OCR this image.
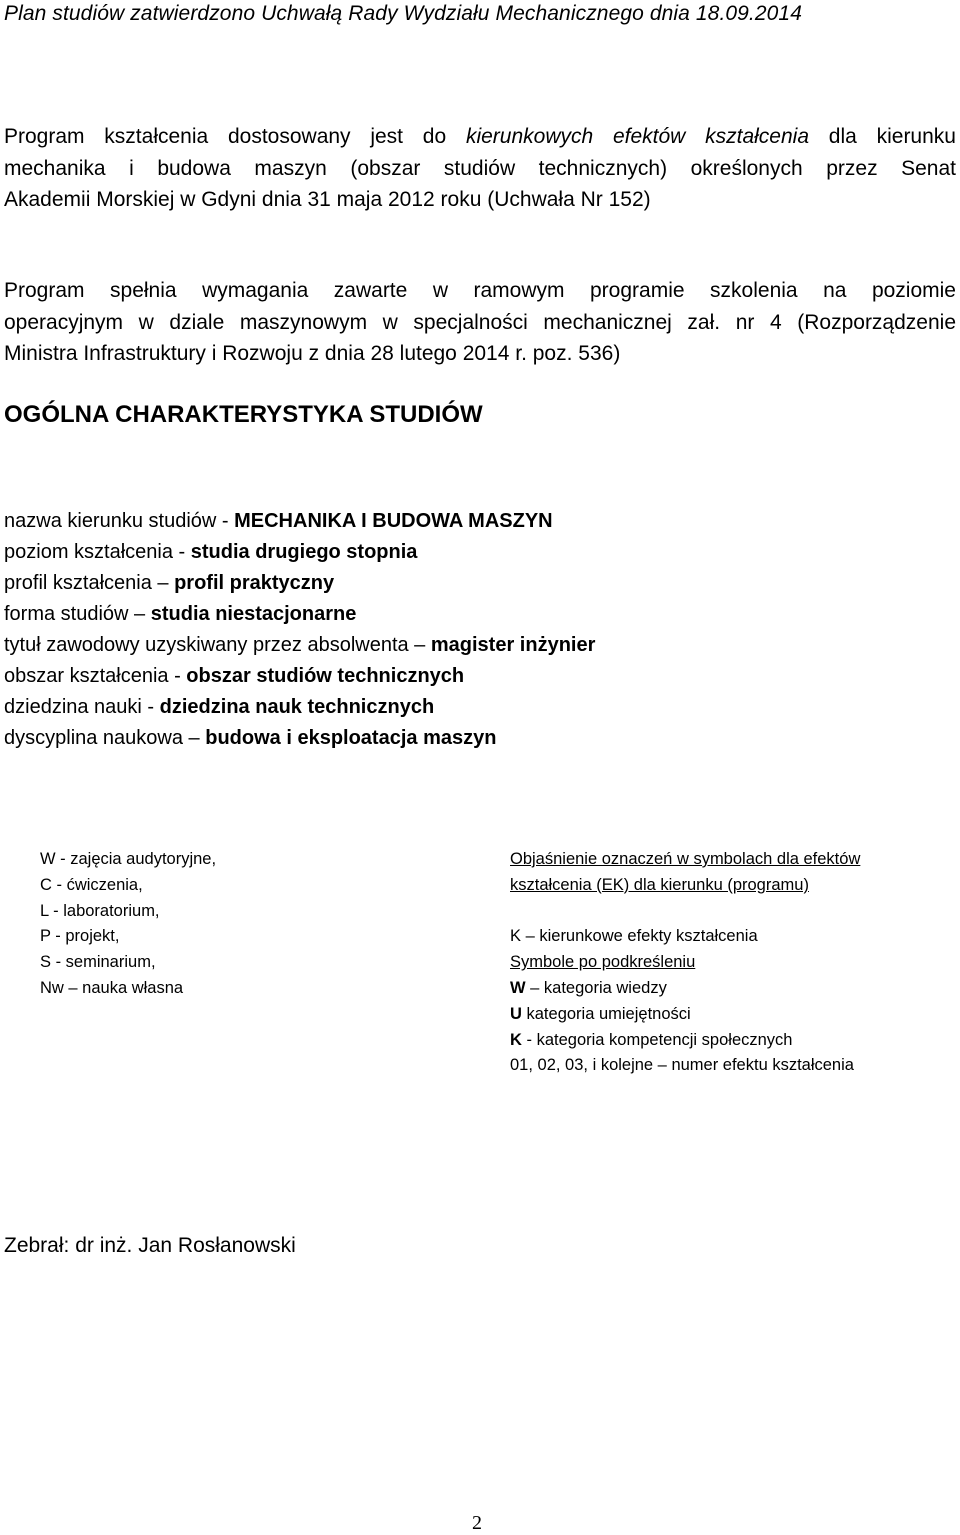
Plan studiów zatwierdzono Uchwałą Rady Wydziału Mechanicznego dnia 18.09.2014
Program kształcenia dostosowany jest do kierunkowych efektów kształcenia dla kierunku
mechanika i budowa maszyn (obszar studiów technicznych) określonych przez Senat
Akademii Morskiej w Gdyni dnia 31 maja 2012 roku (Uchwała Nr 152)
Program spełnia wymagania zawarte w ramowym programie szkolenia na poziomie
operacyjnym w dziale maszynowym w specjalności mechanicznej zał. nr 4 (Rozporządzenie
Ministra Infrastruktury i Rozwoju z dnia 28 lutego 2014 r. poz. 536)
OGÓLNA CHARAKTERYSTYKA STUDIÓW
nazwa kierunku studiów - MECHANIKA I BUDOWA MASZYN
poziom kształcenia - studia drugiego stopnia
profil kształcenia – profil praktyczny
forma studiów – studia niestacjonarne
tytuł zawodowy uzyskiwany przez absolwenta – magister inżynier
obszar kształcenia - obszar studiów technicznych
dziedzina nauki - dziedzina nauk technicznych
dyscyplina naukowa – budowa i eksploatacja maszyn
W - zajęcia audytoryjne,
C - ćwiczenia,
L - laboratorium,
P - projekt,
S - seminarium,
Nw – nauka własna
Objaśnienie oznaczeń w symbolach dla efektów
kształcenia (EK) dla kierunku (programu)
K – kierunkowe efekty kształcenia
Symbole po podkreśleniu
W – kategoria wiedzy
U kategoria umiejętności
K - kategoria kompetencji społecznych
01, 02, 03, i kolejne – numer efektu kształcenia
Zebrał: dr inż. Jan Rosłanowski
2
